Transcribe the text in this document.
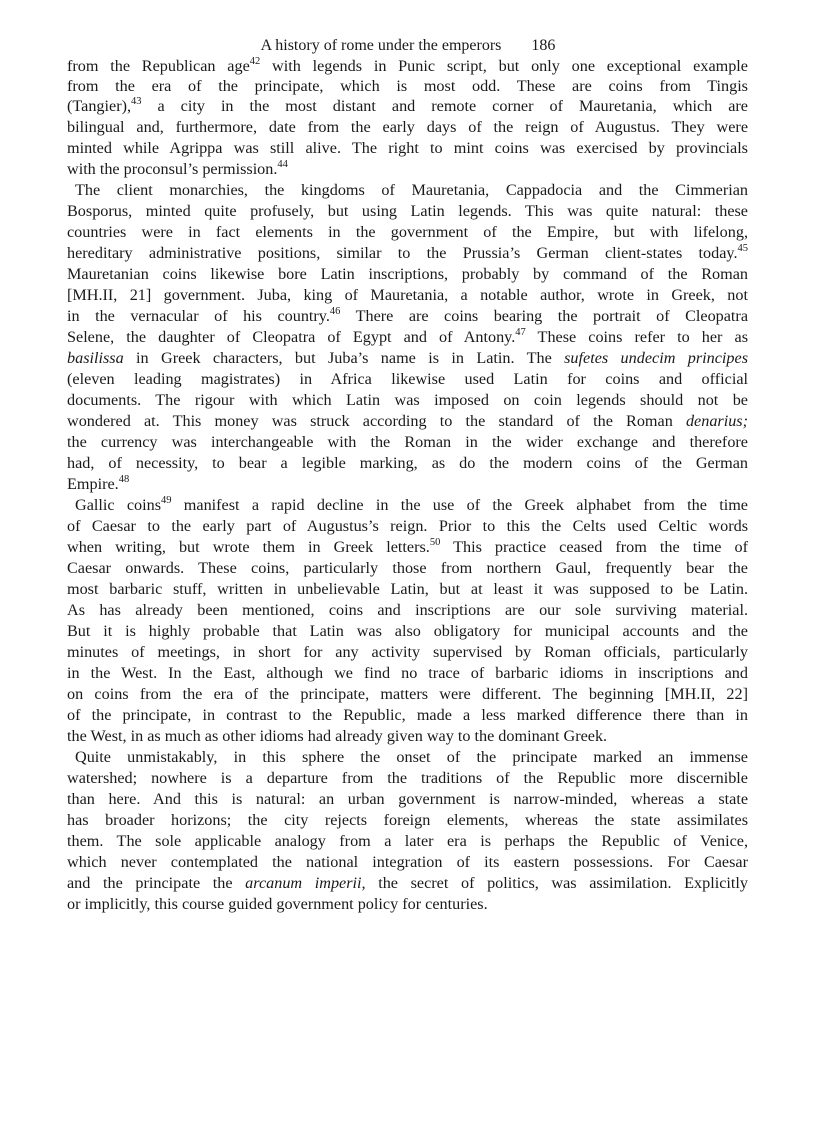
A history of rome under the emperors 186
from the Republican age$^{42}$ with legends in Punic script, but only one exceptional example
from the era of the principate, which is most odd. These are coins from Tingis
(Tangier),$^{43}$ a city in the most distant and remote corner of Mauretania, which are
bilingual and, furthermore, date from the early days of the reign of Augustus. They were
minted while Agrippa was still alive. The right to mint coins was exercised by provincials
with the proconsul’s permission.$^{44}$
The client monarchies, the kingdoms of Mauretania, Cappadocia and the Cimmerian
Bosporus, minted quite profusely, but using Latin legends. This was quite natural: these
countries were in fact elements in the government of the Empire, but with lifelong,
hereditary administrative positions, similar to the Prussia’s German client-states today.$^{45}$
Mauretanian coins likewise bore Latin inscriptions, probably by command of the Roman
[MH.II, 21] government. Juba, king of Mauretania, a notable author, wrote in Greek, not
in the vernacular of his country.$^{46}$ There are coins bearing the portrait of Cleopatra
Selene, the daughter of Cleopatra of Egypt and of Antony.$^{47}$ These coins refer to her as
basilissa in Greek characters, but Juba’s name is in Latin. The sufetes undecim principes
(eleven leading magistrates) in Africa likewise used Latin for coins and official
documents. The rigour with which Latin was imposed on coin legends should not be
wondered at. This money was struck according to the standard of the Roman denarius;
the currency was interchangeable with the Roman in the wider exchange and therefore
had, of necessity, to bear a legible marking, as do the modern coins of the German
Empire.$^{48}$
Gallic coins$^{49}$ manifest a rapid decline in the use of the Greek alphabet from the time
of Caesar to the early part of Augustus’s reign. Prior to this the Celts used Celtic words
when writing, but wrote them in Greek letters.$^{50}$ This practice ceased from the time of
Caesar onwards. These coins, particularly those from northern Gaul, frequently bear the
most barbaric stuff, written in unbelievable Latin, but at least it was supposed to be Latin.
As has already been mentioned, coins and inscriptions are our sole surviving material.
But it is highly probable that Latin was also obligatory for municipal accounts and the
minutes of meetings, in short for any activity supervised by Roman officials, particularly
in the West. In the East, although we find no trace of barbaric idioms in inscriptions and
on coins from the era of the principate, matters were different. The beginning [MH.II, 22]
of the principate, in contrast to the Republic, made a less marked difference there than in
the West, in as much as other idioms had already given way to the dominant Greek.
Quite unmistakably, in this sphere the onset of the principate marked an immense
watershed; nowhere is a departure from the traditions of the Republic more discernible
than here. And this is natural: an urban government is narrow-minded, whereas a state
has broader horizons; the city rejects foreign elements, whereas the state assimilates
them. The sole applicable analogy from a later era is perhaps the Republic of Venice,
which never contemplated the national integration of its eastern possessions. For Caesar
and the principate the arcanum imperii, the secret of politics, was assimilation. Explicitly
or implicitly, this course guided government policy for centuries.
